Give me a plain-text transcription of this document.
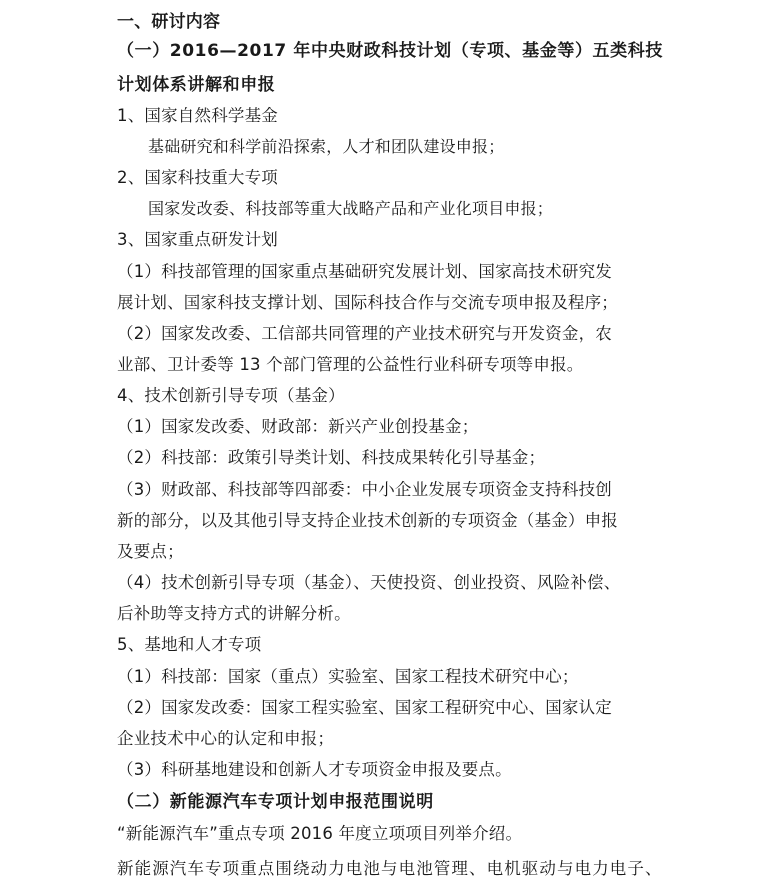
一、研讨内容
（一）2016—2017 年中央财政科技计划（专项、基金等）五类科技
计划体系讲解和申报
1、国家自然科学基金
基础研究和科学前沿探索，人才和团队建设申报；
2、国家科技重大专项
国家发改委、科技部等重大战略产品和产业化项目申报；
3、国家重点研发计划
（1）科技部管理的国家重点基础研究发展计划、国家高技术研究发
展计划、国家科技支撑计划、国际科技合作与交流专项申报及程序；
（2）国家发改委、工信部共同管理的产业技术研究与开发资金，农
业部、卫计委等 13 个部门管理的公益性行业科研专项等申报。
4、技术创新引导专项（基金）
（1）国家发改委、财政部：新兴产业创投基金；
（2）科技部：政策引导类计划、科技成果转化引导基金；
（3）财政部、科技部等四部委：中小企业发展专项资金支持科技创
新的部分，以及其他引导支持企业技术创新的专项资金（基金）申报
及要点；
（4）技术创新引导专项（基金）、天使投资、创业投资、风险补偿、
后补助等支持方式的讲解分析。
5、基地和人才专项
（1）科技部：国家（重点）实验室、国家工程技术研究中心；
（2）国家发改委：国家工程实验室、国家工程研究中心、国家认定
企业技术中心的认定和申报；
（3）科研基地建设和创新人才专项资金申报及要点。
（二）新能源汽车专项计划申报范围说明
“新能源汽车”重点专项 2016 年度立项项目列举介绍。
新能源汽车专项重点围绕动力电池与电池管理、电机驱动与电力电子、
